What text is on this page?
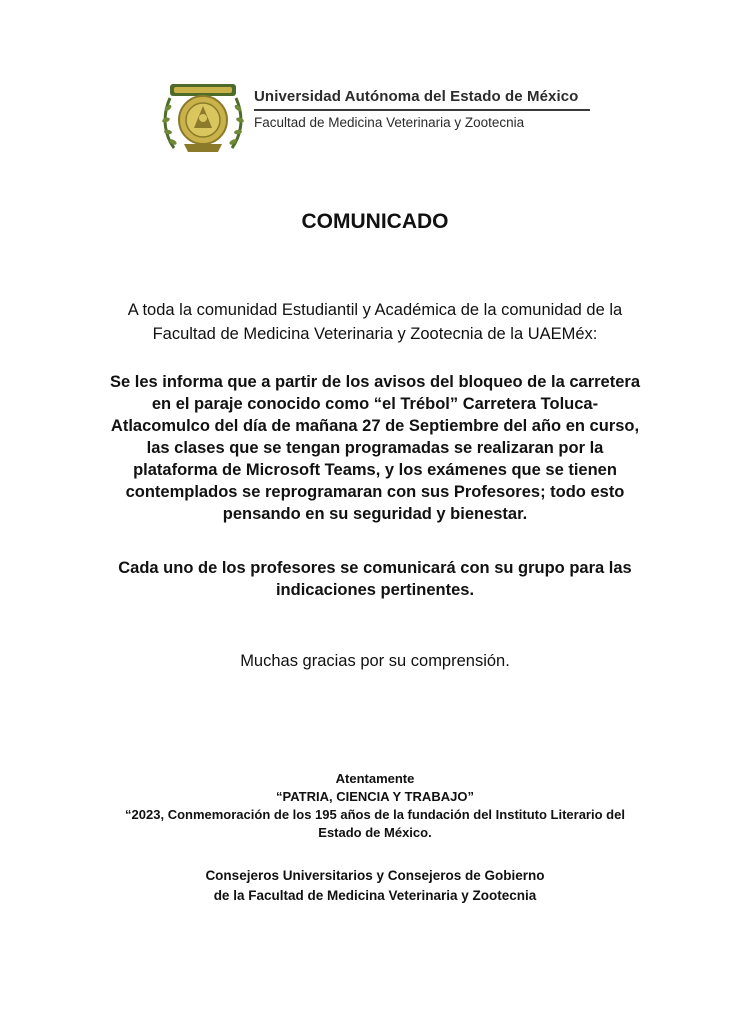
Universidad Autónoma del Estado de México
Facultad de Medicina Veterinaria y Zootecnia
COMUNICADO
A toda la comunidad Estudiantil y Académica de la comunidad de la
Facultad de Medicina Veterinaria y Zootecnia de la UAEMéx:
Se les informa que a partir de los avisos del bloqueo de la carretera
en el paraje conocido como “el Trébol” Carretera Toluca-
Atlacomulco del día de mañana 27 de Septiembre del año en curso,
las clases que se tengan programadas se realizaran por la
plataforma de Microsoft Teams, y los exámenes que se tienen
contemplados se reprogramaran con sus Profesores; todo esto
pensando en su seguridad y bienestar.
Cada uno de los profesores se comunicará con su grupo para las
indicaciones pertinentes.
Muchas gracias por su comprensión.
Atentamente
“PATRIA, CIENCIA Y TRABAJO”
“2023, Conmemoración de los 195 años de la fundación del Instituto Literario del
Estado de México.
Consejeros Universitarios y Consejeros de Gobierno
de la Facultad de Medicina Veterinaria y Zootecnia
